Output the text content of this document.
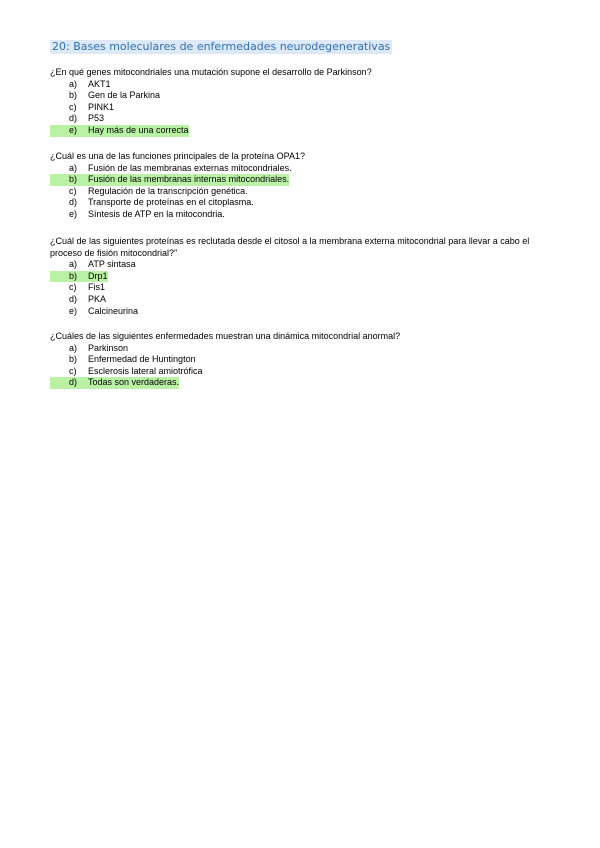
20: Bases moleculares de enfermedades neurodegenerativas

¿En qué genes mitocondriales una mutación supone el desarrollo de Parkinson?

a)	AKT1
b)	Gen de la Parkina
c)	PINK1
d)	P53
e)	Hay más de una correcta

¿Cuál es una de las funciones principales de la proteína OPA1?

a)	Fusión de las membranas externas mitocondriales.
b)	Fusión de las membranas internas mitocondriales.
c)	Regulación de la transcripción genética.
d)	Transporte de proteínas en el citoplasma.
e)	Síntesis de ATP en la mitocondria.

¿Cuál de las siguientes proteínas es reclutada desde el citosol a la membrana externa mitocondrial para llevar a cabo el proceso de fisión mitocondrial?"

a)	ATP sintasa
b)	Drp1
c)	Fis1
d)	PKA
e)	Calcineurina

¿Cuáles de las siguientes enfermedades muestran una dinámica mitocondrial anormal?

a)	Parkinson
b)	Enfermedad de Huntington
c)	Esclerosis lateral amiotrófica
d)	Todas son verdaderas.
